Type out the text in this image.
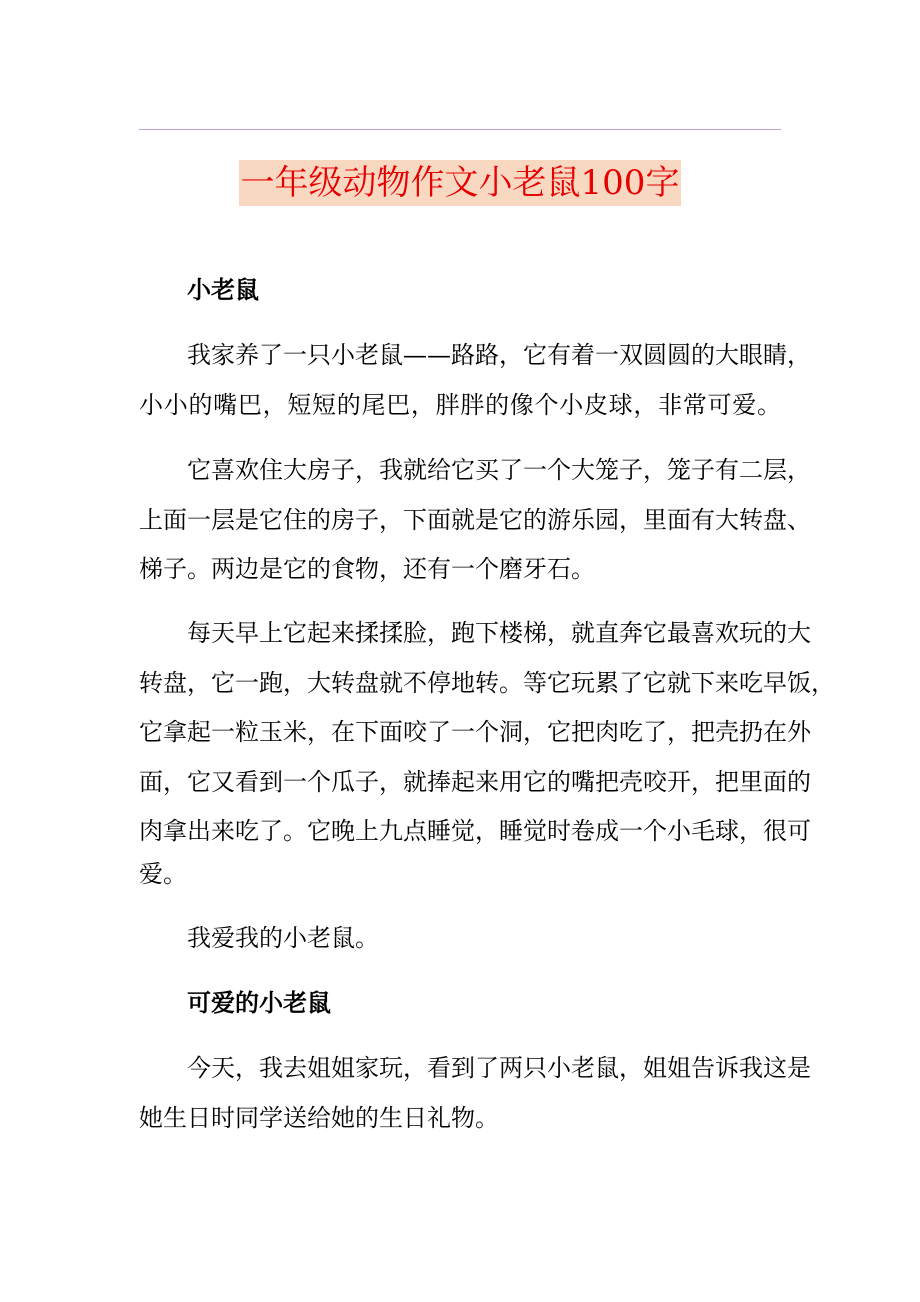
一年级动物作文小老鼠100字
小老鼠
我家养了一只小老鼠——路路，它有着一双圆圆的大眼睛，
小小的嘴巴，短短的尾巴，胖胖的像个小皮球，非常可爱。
它喜欢住大房子，我就给它买了一个大笼子，笼子有二层，
上面一层是它住的房子，下面就是它的游乐园，里面有大转盘、
梯子。两边是它的食物，还有一个磨牙石。
每天早上它起来揉揉脸，跑下楼梯，就直奔它最喜欢玩的大
转盘，它一跑，大转盘就不停地转。等它玩累了它就下来吃早饭，
它拿起一粒玉米，在下面咬了一个洞，它把肉吃了，把壳扔在外
面，它又看到一个瓜子，就捧起来用它的嘴把壳咬开，把里面的
肉拿出来吃了。它晚上九点睡觉，睡觉时卷成一个小毛球，很可
爱。
我爱我的小老鼠。
可爱的小老鼠
今天，我去姐姐家玩，看到了两只小老鼠，姐姐告诉我这是
她生日时同学送给她的生日礼物。
